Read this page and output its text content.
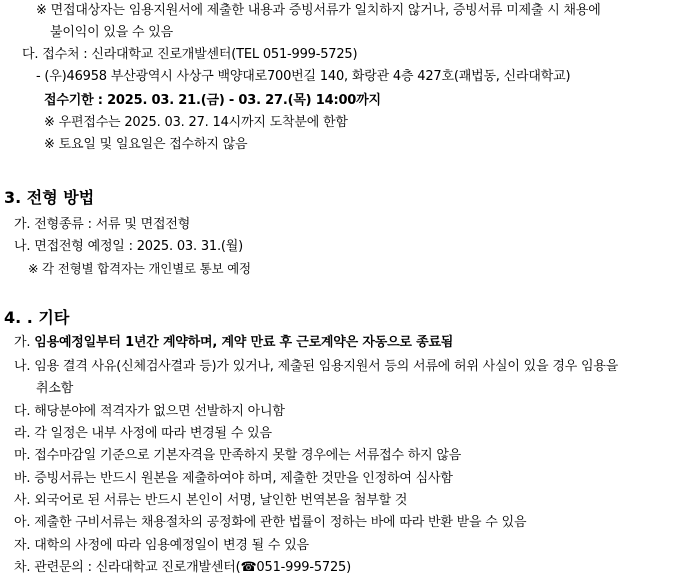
※ 면접대상자는 임용지원서에 제출한 내용과 증빙서류가 일치하지 않거나, 증빙서류 미제출 시 채용에
불이익이 있을 수 있음
다. 접수처 : 신라대학교 진로개발센터(TEL 051-999-5725)
- (우)46958 부산광역시 사상구 백양대로700번길 140, 화랑관 4층 427호(괘법동, 신라대학교)
접수기한 : 2025. 03. 21.(금) - 03. 27.(목) 14:00까지
※ 우편접수는 2025. 03. 27. 14시까지 도착분에 한함
※ 토요일 및 일요일은 접수하지 않음
3. 전형 방법
가. 전형종류 : 서류 및 면접전형
나. 면접전형 예정일 : 2025. 03. 31.(월)
※ 각 전형별 합격자는 개인별로 통보 예정
4. . 기타
가. 임용예정일부터 1년간 계약하며, 계약 만료 후 근로계약은 자동으로 종료됨
나. 임용 결격 사유(신체검사결과 등)가 있거나, 제출된 임용지원서 등의 서류에 허위 사실이 있을 경우 임용을
취소함
다. 해당분야에 적격자가 없으면 선발하지 아니함
라. 각 일정은 내부 사정에 따라 변경될 수 있음
마. 접수마감일 기준으로 기본자격을 만족하지 못할 경우에는 서류접수 하지 않음
바. 증빙서류는 반드시 원본을 제출하여야 하며, 제출한 것만을 인정하여 심사함
사. 외국어로 된 서류는 반드시 본인이 서명, 날인한 번역본을 첨부할 것
아. 제출한 구비서류는 채용절차의 공정화에 관한 법률이 정하는 바에 따라 반환 받을 수 있음
자. 대학의 사정에 따라 임용예정일이 변경 될 수 있음
차. 관련문의 : 신라대학교 진로개발센터(☎051-999-5725)
